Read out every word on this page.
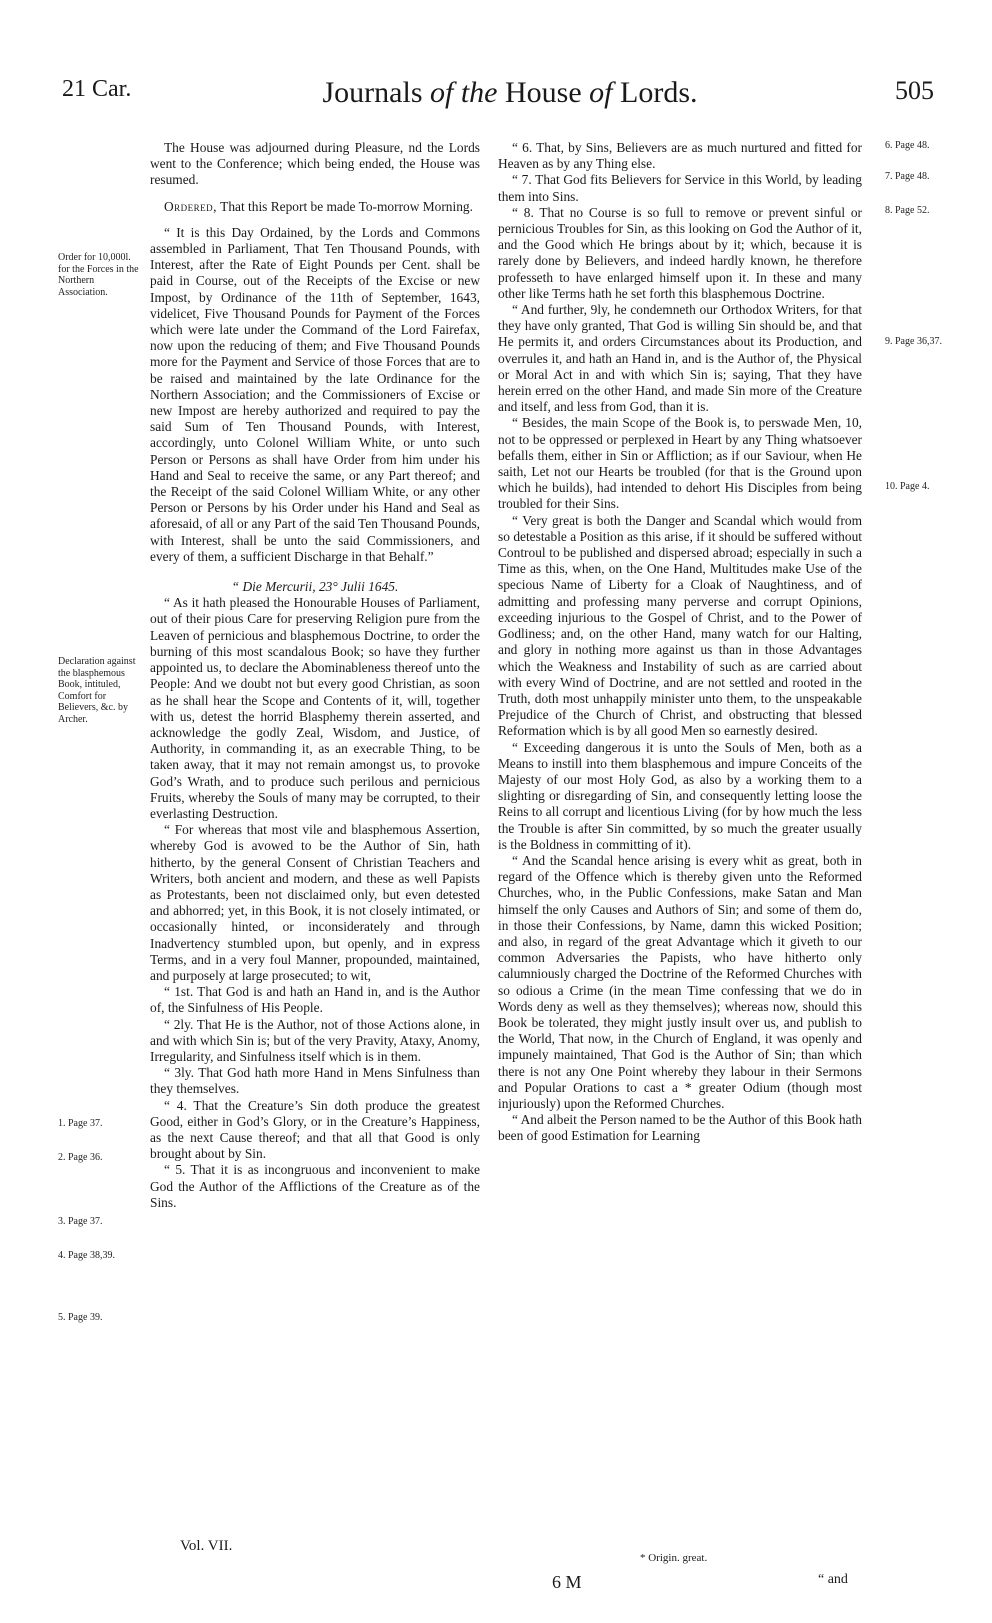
21 Car.	Journals of the House of Lords.	505
Order for 10,000l. for the Forces in the Northern Association.
Declaration against the blasphemous Book, intituled, Comfort for Believers, &c. by Archer.
1. Page 37.
2. Page 36.
3. Page 37.
4. Page 38,39.
5. Page 39.
6. Page 48.
7. Page 48.
8. Page 52.
9. Page 36,37.
10. Page 4.

The House was adjourned during Pleasure, nd the Lords went to the Conference; which being ended, the House was resumed.

Ordered, That this Report be made To-morrow Morning.

“ It is this Day Ordained, by the Lords and Commons assembled in Parliament, That Ten Thousand Pounds, with Interest, after the Rate of Eight Pounds per Cent. shall be paid in Course, out of the Receipts of the Excise or new Impost, by Ordinance of the 11th of September, 1643, videlicet, Five Thousand Pounds for Payment of the Forces which were late under the Command of the Lord Fairefax, now upon the reducing of them; and Five Thousand Pounds more for the Payment and Service of those Forces that are to be raised and maintained by the late Ordinance for the Northern Association; and the Commissioners of Excise or new Impost are hereby authorized and required to pay the said Sum of Ten Thousand Pounds, with Interest, accordingly, unto Colonel William White, or unto such Person or Persons as shall have Order from him under his Hand and Seal to receive the same, or any Part thereof; and the Receipt of the said Colonel William White, or any other Person or Persons by his Order under his Hand and Seal as aforesaid, of all or any Part of the said Ten Thousand Pounds, with Interest, shall be unto the said Commissioners, and every of them, a sufficient Discharge in that Behalf.”

“ Die Mercurii, 23° Julii 1645.

“ As it hath pleased the Honourable Houses of Parliament, out of their pious Care for preserving Religion pure from the Leaven of pernicious and blasphemous Doctrine, to order the burning of this most scandalous Book; so have they further appointed us, to declare the Abominableness thereof unto the People: And we doubt not but every good Christian, as soon as he shall hear the Scope and Contents of it, will, together with us, detest the horrid Blasphemy therein asserted, and acknowledge the godly Zeal, Wisdom, and Justice, of Authority, in commanding it, as an execrable Thing, to be taken away, that it may not remain amongst us, to provoke God’s Wrath, and to produce such perilous and pernicious Fruits, whereby the Souls of many may be corrupted, to their everlasting Destruction.

“ For whereas that most vile and blasphemous Assertion, whereby God is avowed to be the Author of Sin, hath hitherto, by the general Consent of Christian Teachers and Writers, both ancient and modern, and these as well Papists as Protestants, been not disclaimed only, but even detested and abhorred; yet, in this Book, it is not closely intimated, or occasionally hinted, or inconsiderately and through Inadvertency stumbled upon, but openly, and in express Terms, and in a very foul Manner, propounded, maintained, and purposely at large prosecuted; to wit,

“ 1st. That God is and hath an Hand in, and is the Author of, the Sinfulness of His People.

“ 2ly. That He is the Author, not of those Actions alone, in and with which Sin is; but of the very Pravity, Ataxy, Anomy, Irregularity, and Sinfulness itself which is in them.

“ 3ly. That God hath more Hand in Mens Sinfulness than they themselves.

“ 4. That the Creature’s Sin doth produce the greatest Good, either in God’s Glory, or in the Creature’s Happiness, as the next Cause thereof; and that all that Good is only brought about by Sin.

“ 5. That it is as incongruous and inconvenient to make God the Author of the Afflictions of the Creature as of the Sins.

“ 6. That, by Sins, Believers are as much nurtured and fitted for Heaven as by any Thing else.

“ 7. That God fits Believers for Service in this World, by leading them into Sins.

“ 8. That no Course is so full to remove or prevent sinful or pernicious Troubles for Sin, as this looking on God the Author of it, and the Good which He brings about by it; which, because it is rarely done by Believers, and indeed hardly known, he therefore professeth to have enlarged himself upon it. In these and many other like Terms hath he set forth this blasphemous Doctrine.

“ And further, 9ly, he condemneth our Orthodox Writers, for that they have only granted, That God is willing Sin should be, and that He permits it, and orders Circumstances about its Production, and overrules it, and hath an Hand in, and is the Author of, the Physical or Moral Act in and with which Sin is; saying, That they have herein erred on the other Hand, and made Sin more of the Creature and itself, and less from God, than it is.

“ Besides, the main Scope of the Book is, to perswade Men, 10, not to be oppressed or perplexed in Heart by any Thing whatsoever befalls them, either in Sin or Affliction; as if our Saviour, when He saith, Let not our Hearts be troubled (for that is the Ground upon which he builds), had intended to dehort His Disciples from being troubled for their Sins.

“ Very great is both the Danger and Scandal which would from so detestable a Position as this arise, if it should be suffered without Controul to be published and dispersed abroad; especially in such a Time as this, when, on the One Hand, Multitudes make Use of the specious Name of Liberty for a Cloak of Naughtiness, and of admitting and professing many perverse and corrupt Opinions, exceeding injurious to the Gospel of Christ, and to the Power of Godliness; and, on the other Hand, many watch for our Halting, and glory in nothing more against us than in those Advantages which the Weakness and Instability of such as are carried about with every Wind of Doctrine, and are not settled and rooted in the Truth, doth most unhappily minister unto them, to the unspeakable Prejudice of the Church of Christ, and obstructing that blessed Reformation which is by all good Men so earnestly desired.

“ Exceeding dangerous it is unto the Souls of Men, both as a Means to instill into them blasphemous and impure Conceits of the Majesty of our most Holy God, as also by a working them to a slighting or disregarding of Sin, and consequently letting loose the Reins to all corrupt and licentious Living (for by how much the less the Trouble is after Sin committed, by so much the greater usually is the Boldness in committing of it).

“ And the Scandal hence arising is every whit as great, both in regard of the Offence which is thereby given unto the Reformed Churches, who, in the Public Confessions, make Satan and Man himself the only Causes and Authors of Sin; and some of them do, in those their Confessions, by Name, damn this wicked Position; and also, in regard of the great Advantage which it giveth to our common Adversaries the Papists, who have hitherto only calumniously charged the Doctrine of the Reformed Churches with so odious a Crime (in the mean Time confessing that we do in Words deny as well as they themselves); whereas now, should this Book be tolerated, they might justly insult over us, and publish to the World, That now, in the Church of England, it was openly and impunely maintained, That God is the Author of Sin; than which there is not any One Point whereby they labour in their Sermons and Popular Orations to cast a * greater Odium (though most injuriously) upon the Reformed Churches.

“ And albeit the Person named to be the Author of this Book hath been of good Estimation for Learning

Vol. VII.
* Origin. great.
6 M	“ and
